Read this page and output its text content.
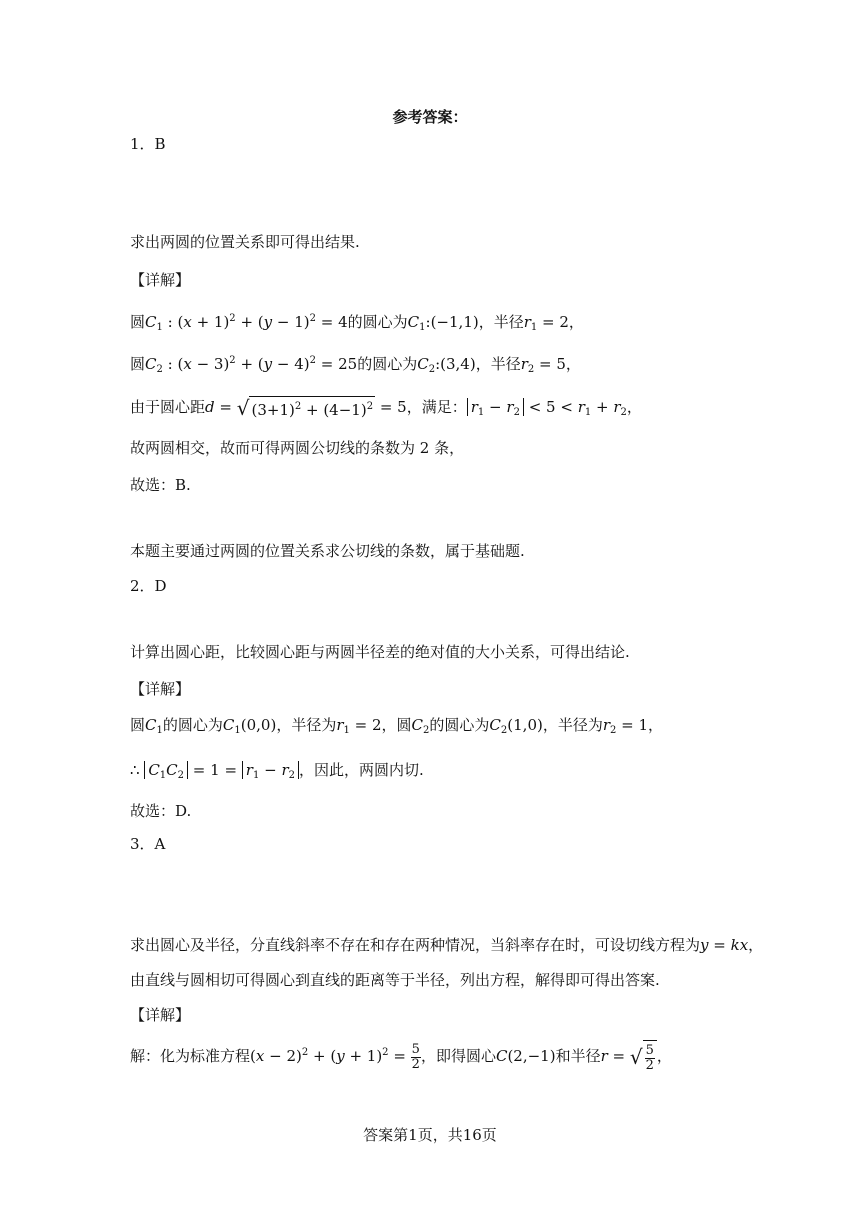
参考答案：
1．B
求出两圆的位置关系即可得出结果.
【详解】
圆$C_1$ : $(x + 1)^2 + (y - 1)^2 = 4$的圆心为$C_1:(-1,1)$，半径$r_1 = 2$，
圆$C_2$ : $(x - 3)^2 + (y - 4)^2 = 25$的圆心为$C_2:(3,4)$，半径$r_2 = 5$，
由于圆心距d = √ $(3+1)^2 + (4-1)^2 = 5$，满足： $r_1 - r_2 < 5 < r_1 + r_2$，
故两圆相交，故而可得两圆公切线的条数为 2 条，
故选：B.
本题主要通过两圆的位置关系求公切线的条数，属于基础题.
2．D
计算出圆心距，比较圆心距与两圆半径差的绝对值的大小关系，可得出结论.
【详解】
圆$C_1$的圆心为$C_1(0,0)$，半径为$r_1 = 2$，圆$C_2$的圆心为$C_2(1,0)$，半径为$r_2 = 1$，
∴ $C_1C_2 = 1 = r_1 - r_2$ ，因此，两圆内切.
故选：D.
3．A
求出圆心及半径，分直线斜率不存在和存在两种情况，当斜率存在时，可设切线方程为y = kx，
由直线与圆相切可得圆心到直线的距离等于半径，列出方程，解得即可得出答案.
【详解】
解：化为标准方程$(x - 2)^2 + (y + 1)^2 = \frac{5}{2}$ ，即得圆心C(2,−1)和半径r = √ $\frac{5}{2}$ ，
答案第1页，共16页
